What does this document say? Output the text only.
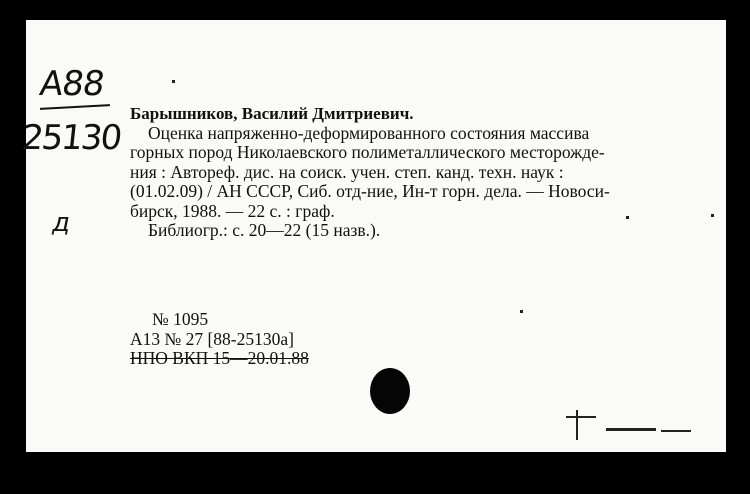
A88
25130
д
Барышников, Василий Дмитриевич.
Оценка напряженно-деформированного состояния массива
горных пород Николаевского полиметаллического месторожде-
ния : Автореф. дис. на соиск. учен. степ. канд. техн. наук :
(01.02.09) / АН СССР, Сиб. отд-ние, Ин-т горн. дела. — Новоси-
бирск, 1988. — 22 с. : граф.
Библиогр.: с. 20—22 (15 назв.).
№ 1095
А13 № 27 [88-25130а]
НПО ВКП 15—20.01.88
